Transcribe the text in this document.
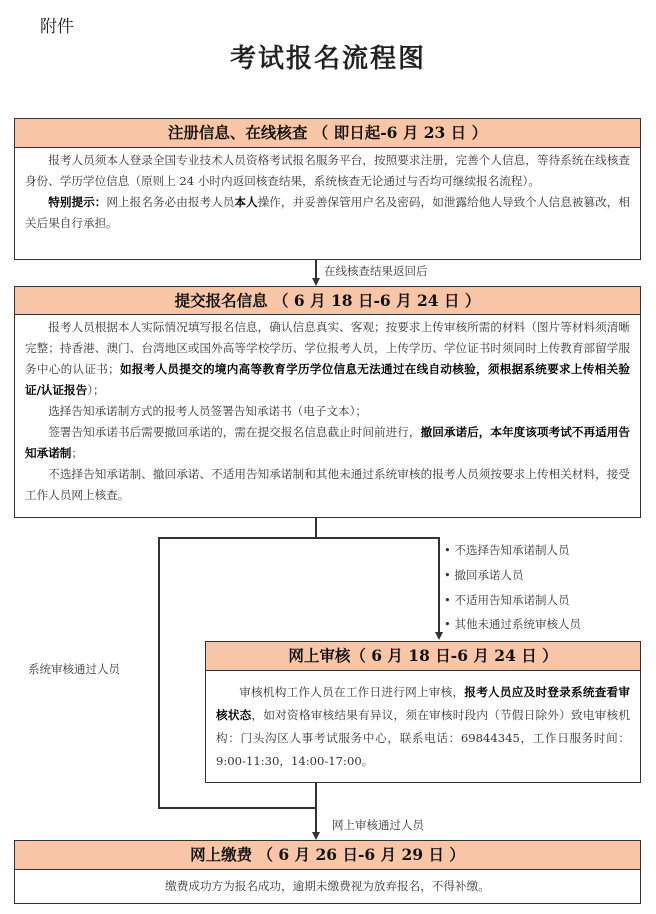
附件
考试报名流程图
注册信息、在线核查 （ 即日起-6 月 23 日 ）

报考人员须本人登录全国专业技术人员资格考试报名服务平台，按照要求注册，完善个人信息，等待系统在线核查身份、学历学位信息（原则上 24 小时内返回核查结果，系统核查无论通过与否均可继续报名流程）。

特别提示：网上报名务必由报考人员本人操作，并妥善保管用户名及密码，如泄露给他人导致个人信息被篡改，相关后果自行承担。

在线核查结果返回后
提交报名信息 （ 6 月 18 日-6 月 24 日 ）

报考人员根据本人实际情况填写报名信息，确认信息真实、客观；按要求上传审核所需的材料（图片等材料须清晰完整；持香港、澳门、台湾地区或国外高等学校学历、学位报考人员，上传学历、学位证书时须同时上传教育部留学服务中心的认证书；如报考人员提交的境内高等教育学历学位信息无法通过在线自动核验，须根据系统要求上传相关验证/认证报告）；

选择告知承诺制方式的报考人员签署告知承诺书（电子文本）；

签署告知承诺书后需要撤回承诺的，需在提交报名信息截止时间前进行，撤回承诺后，本年度该项考试不再适用告知承诺制；

不选择告知承诺制、撤回承诺、不适用告知承诺制和其他未通过系统审核的报考人员须按要求上传相关材料，接受工作人员网上核查。

系统审核通过人员
• 不选择告知承诺制人员
• 撤回承诺人员
• 不适用告知承诺制人员
• 其他未通过系统审核人员
网上审核（ 6 月 18 日-6 月 24 日 ）

审核机构工作人员在工作日进行网上审核，报考人员应及时登录系统查看审核状态，如对资格审核结果有异议，须在审核时段内（节假日除外）致电审核机构：门头沟区人事考试服务中心，联系电话：69844345，工作日服务时间：9:00-11:30，14:00-17:00。

网上审核通过人员
网上缴费 （ 6 月 26 日-6 月 29 日 ）
缴费成功方为报名成功，逾期未缴费视为放弃报名，不得补缴。
